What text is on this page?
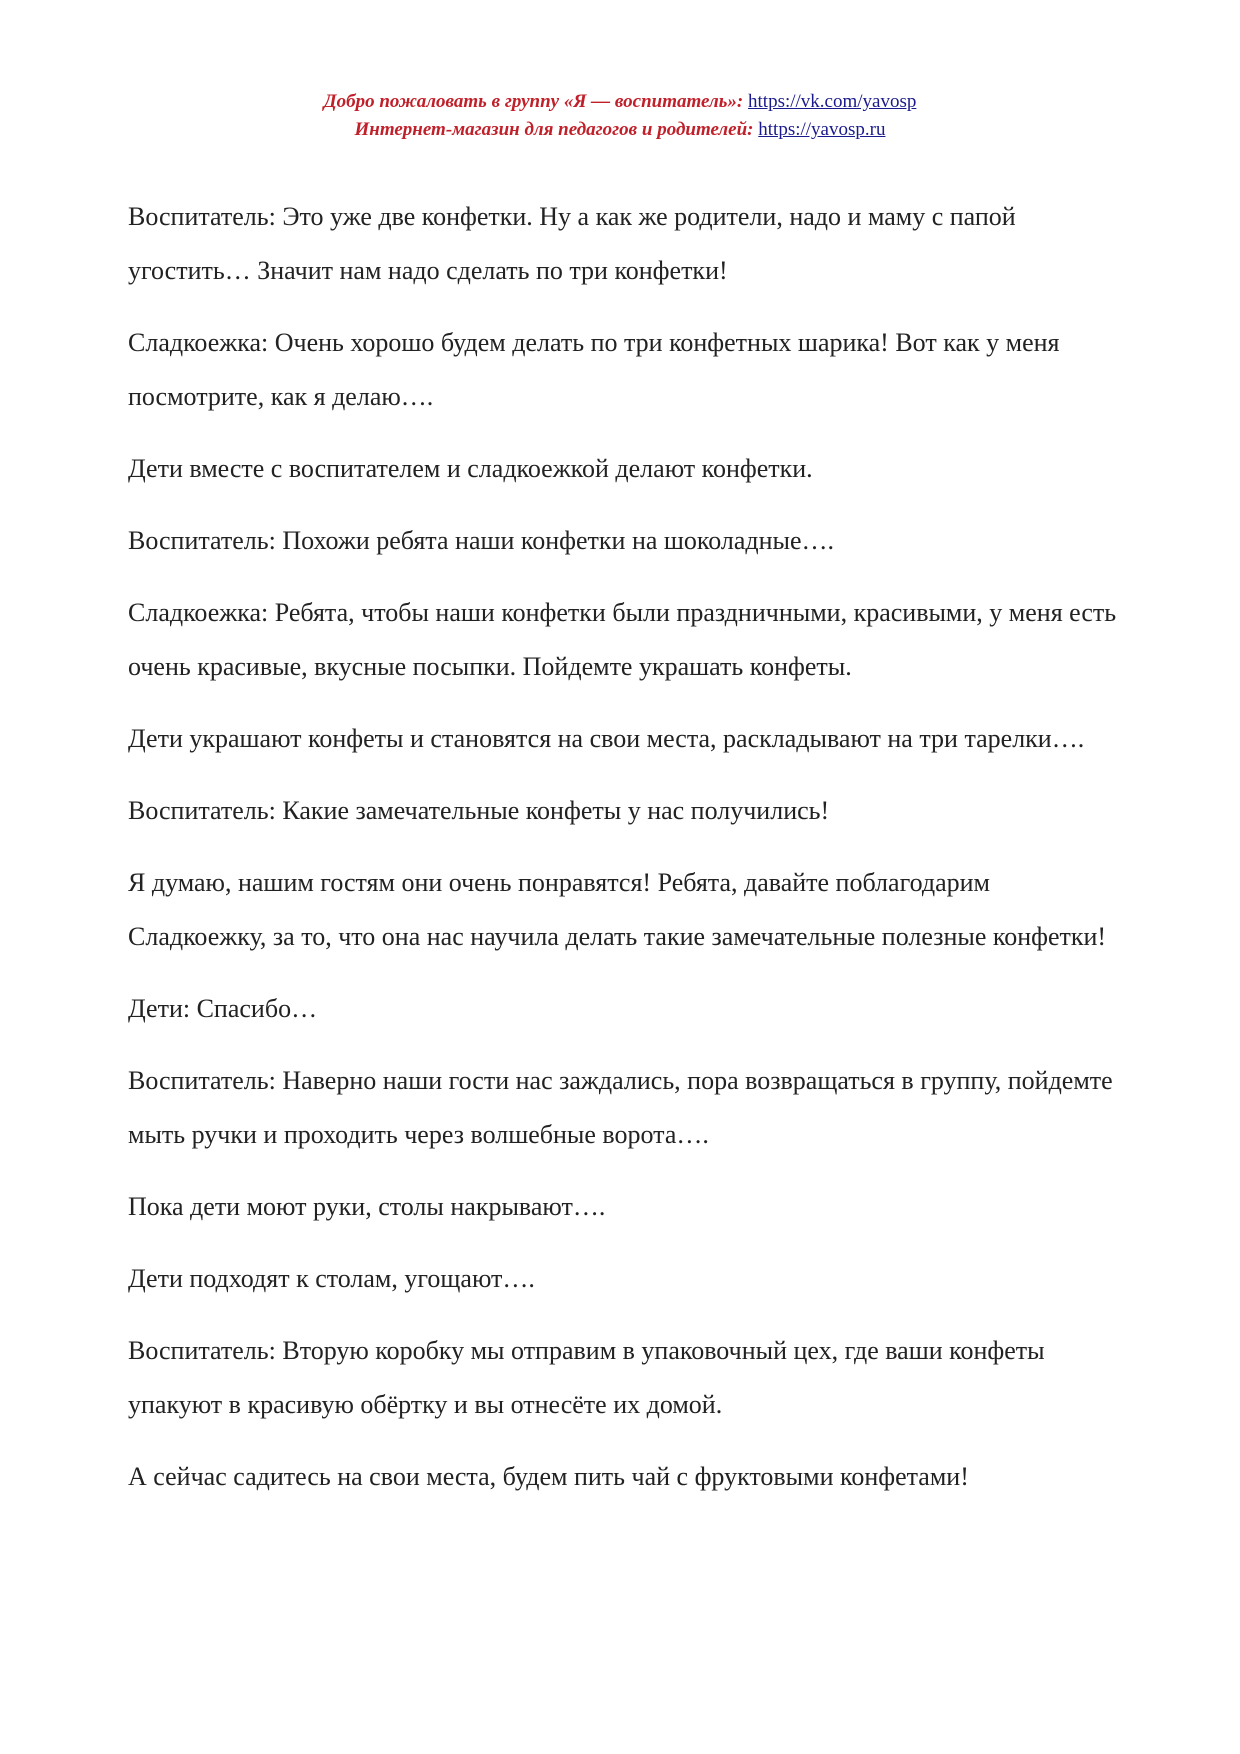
Добро пожаловать в группу «Я — воспитатель»: https://vk.com/yavosp
Интернет-магазин для педагогов и родителей: https://yavosp.ru

Воспитатель: Это уже две конфетки. Ну а как же родители, надо и маму с папой угостить… Значит нам надо сделать по три конфетки!

Сладкоежка: Очень хорошо будем делать по три конфетных шарика! Вот как у меня посмотрите, как я делаю….

Дети вместе с воспитателем и сладкоежкой делают конфетки.

Воспитатель: Похожи ребята наши конфетки на шоколадные….

Сладкоежка: Ребята, чтобы наши конфетки были праздничными, красивыми, у меня есть очень красивые, вкусные посыпки. Пойдемте украшать конфеты.

Дети украшают конфеты и становятся на свои места, раскладывают на три тарелки….

Воспитатель: Какие замечательные конфеты у нас получились!

Я думаю, нашим гостям они очень понравятся! Ребята, давайте поблагодарим Сладкоежку, за то, что она нас научила делать такие замечательные полезные конфетки!

Дети: Спасибо…

Воспитатель: Наверно наши гости нас заждались, пора возвращаться в группу, пойдемте мыть ручки и проходить через волшебные ворота….

Пока дети моют руки, столы накрывают….

Дети подходят к столам, угощают….

Воспитатель: Вторую коробку мы отправим в упаковочный цех, где ваши конфеты упакуют в красивую обёртку и вы отнесёте их домой.

А сейчас садитесь на свои места, будем пить чай с фруктовыми конфетами!
